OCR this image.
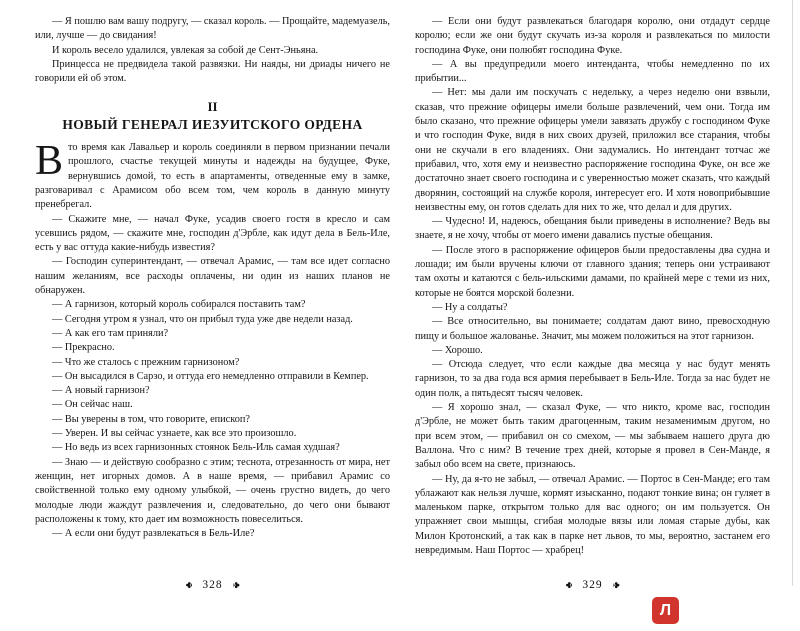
— Я пошлю вам вашу подругу, — сказал король. — Прощайте, мадемуазель, или, лучше — до свидания!

И король весело удалился, увлекая за собой де Сент-Эньяна.

Принцесса не предвидела такой развязки. Ни наяды, ни дриады ничего не говорили ей об этом.

II
НОВЫЙ ГЕНЕРАЛ ИЕЗУИТСКОГО ОРДЕНА

Вто время как Лавальер и король соединяли в первом признании печали прошлого, счастье текущей минуты и надежды на будущее, Фуке, вернувшись домой, то есть в апартаменты, отведенные ему в замке, разговаривал с Арамисом обо всем том, чем король в данную минуту пренебрегал.

— Скажите мне, — начал Фуке, усадив своего гостя в кресло и сам усевшись рядом, — скажите мне, господин д'Эрбле, как идут дела в Бель-Иле, есть у вас оттуда какие-нибудь известия?

— Господин суперинтендант, — отвечал Арамис, — там все идет согласно нашим желаниям, все расходы оплачены, ни один из наших планов не обнаружен.

— А гарнизон, который король собирался поставить там?

— Сегодня утром я узнал, что он прибыл туда уже две недели назад.

— А как его там приняли?

— Прекрасно.

— Что же сталось с прежним гарнизоном?

— Он высадился в Сарзо, и оттуда его немедленно отправили в Кемпер.

— А новый гарнизон?

— Он сейчас наш.

— Вы уверены в том, что говорите, епископ?

— Уверен. И вы сейчас узнаете, как все это произошло.

— Но ведь из всех гарнизонных стоянок Бель-Иль самая худшая?

— Знаю — и действую сообразно с этим; теснота, отрезанность от мира, нет женщин, нет игорных домов. А в наше время, — прибавил Арамис со свойственной только ему одному улыбкой, — очень грустно видеть, до чего молодые люди жаждут развлечения и, следовательно, до чего они бывают расположены к тому, кто дает им возможность повеселиться.

— А если они будут развлекаться в Бель-Иле?

♣ 328 ♣

— Если они будут развлекаться благодаря королю, они отдадут сердце королю; если же они будут скучать из-за короля и развлекаться по милости господина Фуке, они полюбят господина Фуке.

— А вы предупредили моего интенданта, чтобы немедленно по их прибытии...

— Нет: мы дали им поскучать с недельку, а через неделю они взвыли, сказав, что прежние офицеры имели больше развлечений, чем они. Тогда им было сказано, что прежние офицеры умели завязать дружбу с господином Фуке и что господин Фуке, видя в них своих друзей, приложил все старания, чтобы они не скучали в его владениях. Они задумались. Но интендант тотчас же прибавил, что, хотя ему и неизвестно распоряжение господина Фуке, он все же достаточно знает своего господина и с уверенностью может сказать, что каждый дворянин, состоящий на службе короля, интересует его. И хотя новоприбывшие неизвестны ему, он готов сделать для них то же, что делал и для других.

— Чудесно! И, надеюсь, обещания были приведены в исполнение? Ведь вы знаете, я не хочу, чтобы от моего имени давались пустые обещания.

— После этого в распоряжение офицеров были предоставлены два судна и лошади; им были вручены ключи от главного здания; теперь они устраивают там охоты и катаются с бель-ильскими дамами, по крайней мере с теми из них, которые не боятся морской болезни.

— Ну а солдаты?

— Все относительно, вы понимаете; солдатам дают вино, превосходную пищу и большое жалованье. Значит, мы можем положиться на этот гарнизон.

— Хорошо.

— Отсюда следует, что если каждые два месяца у нас будут менять гарнизон, то за два года вся армия перебывает в Бель-Иле. Тогда за нас будет не один полк, а пятьдесят тысяч человек.

— Я хорошо знал, — сказал Фуке, — что никто, кроме вас, господин д'Эрбле, не может быть таким драгоценным, таким незаменимым другом, но при всем этом, — прибавил он со смехом, — мы забываем нашего друга дю Валлона. Что с ним? В течение трех дней, которые я провел в Сен-Манде, я забыл обо всем на свете, признаюсь.

— Ну, да я-то не забыл, — отвечал Арамис. — Портос в Сен-Манде; его там ублажают как нельзя лучше, кормят изысканно, подают тонкие вина; он гуляет в маленьком парке, открытом только для вас одного; он им пользуется. Он упражняет свои мышцы, сгибая молодые вязы или ломая старые дубы, как Милон Кротонский, а так как в парке нет львов, то мы, вероятно, застанем его невредимым. Наш Портос — храбрец!

♣ 329 ♣
Л
